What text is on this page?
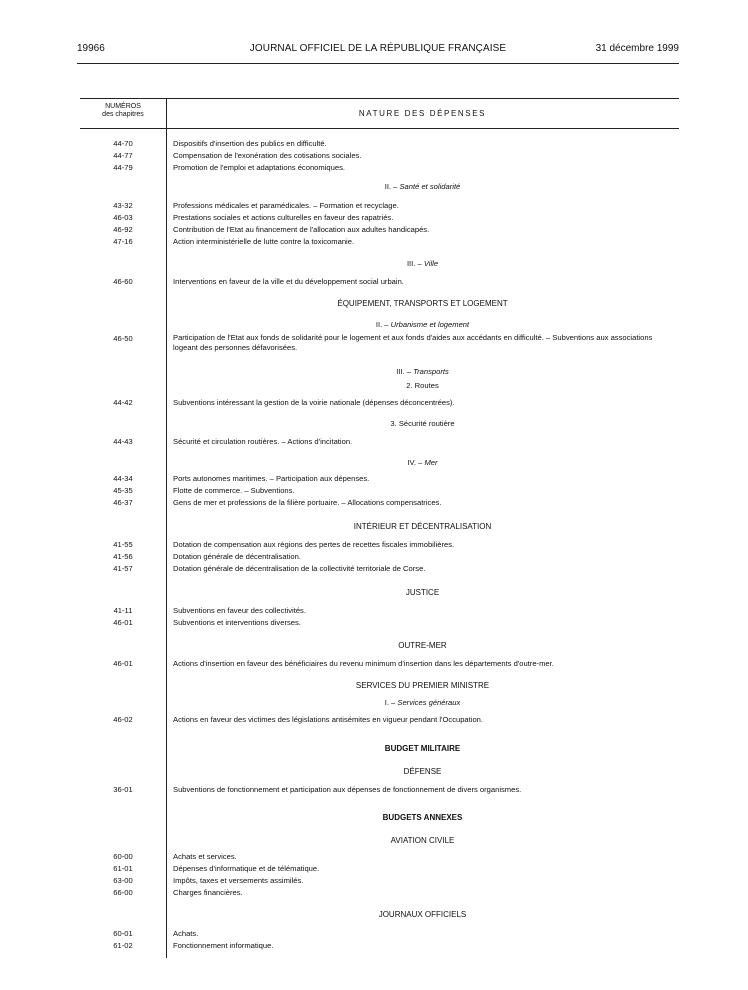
19966	JOURNAL OFFICIEL DE LA RÉPUBLIQUE FRANÇAISE	31 décembre 1999
NUMÉROS
des chapitres	NATURE DES DÉPENSES
44-70	Dispositifs d'insertion des publics en difficulté.
44-77	Compensation de l'exonération des cotisations sociales.
44-79	Promotion de l'emploi et adaptations économiques.
II. – Santé et solidarité
43-32	Professions médicales et paramédicales. – Formation et recyclage.
46-03	Prestations sociales et actions culturelles en faveur des rapatriés.
46-92	Contribution de l'Etat au financement de l'allocation aux adultes handicapés.
47-16	Action interministérielle de lutte contre la toxicomanie.
III. – Ville
46-60	Interventions en faveur de la ville et du développement social urbain.
ÉQUIPEMENT, TRANSPORTS ET LOGEMENT
II. – Urbanisme et logement
46-50	Participation de l'Etat aux fonds de solidarité pour le logement et aux fonds d'aides aux accédants en difficulté. – Subventions aux associations logeant des personnes défavorisées.
III. – Transports
2. Routes
44-42	Subventions intéressant la gestion de la voirie nationale (dépenses déconcentrées).
3. Sécurité routière
44-43	Sécurité et circulation routières. – Actions d'incitation.
IV. – Mer
44-34	Ports autonomes maritimes. – Participation aux dépenses.
45-35	Flotte de commerce. – Subventions.
46-37	Gens de mer et professions de la filière portuaire. – Allocations compensatrices.
INTÉRIEUR ET DÉCENTRALISATION
41-55	Dotation de compensation aux régions des pertes de recettes fiscales immobilières.
41-56	Dotation générale de décentralisation.
41-57	Dotation générale de décentralisation de la collectivité territoriale de Corse.
JUSTICE
41-11	Subventions en faveur des collectivités.
46-01	Subventions et interventions diverses.
OUTRE-MER
46-01	Actions d'insertion en faveur des bénéficiaires du revenu minimum d'insertion dans les départements d'outre-mer.
SERVICES DU PREMIER MINISTRE
I. – Services généraux
46-02	Actions en faveur des victimes des législations antisémites en vigueur pendant l'Occupation.
BUDGET MILITAIRE
DÉFENSE
36-01	Subventions de fonctionnement et participation aux dépenses de fonctionnement de divers organismes.
BUDGETS ANNEXES
AVIATION CIVILE
60-00	Achats et services.
61-01	Dépenses d'informatique et de télématique.
63-00	Impôts, taxes et versements assimilés.
66-00	Charges financières.
JOURNAUX OFFICIELS
60-01	Achats.
61-02	Fonctionnement informatique.
